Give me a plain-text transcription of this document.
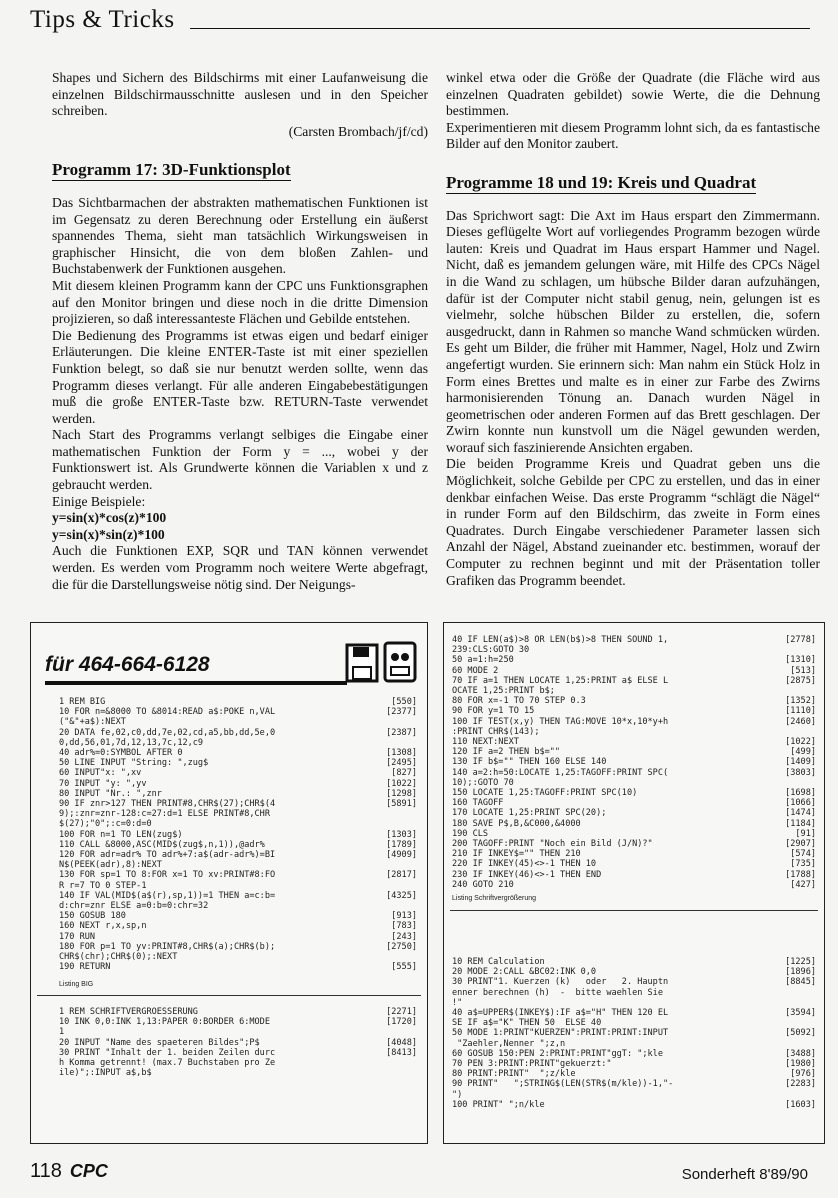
Tips & Tricks

Shapes und Sichern des Bildschirms mit einer Laufanweisung die einzelnen Bildschirmausschnitte auslesen und in den Speicher schreiben.

(Carsten Brombach/jf/cd)

Programm 17: 3D-Funktionsplot

Das Sichtbarmachen der abstrakten mathematischen Funktionen ist im Gegensatz zu deren Berechnung oder Erstellung ein äußerst spannendes Thema, sieht man tatsächlich Wirkungsweisen in graphischer Hinsicht, die von dem bloßen Zahlen- und Buchstabenwerk der Funktionen ausgehen.

Mit diesem kleinen Programm kann der CPC uns Funktionsgraphen auf den Monitor bringen und diese noch in die dritte Dimension projizieren, so daß interessanteste Flächen und Gebilde entstehen.

Die Bedienung des Programms ist etwas eigen und bedarf einiger Erläuterungen. Die kleine ENTER-Taste ist mit einer speziellen Funktion belegt, so daß sie nur benutzt werden sollte, wenn das Programm dieses verlangt. Für alle anderen Eingabebestätigungen muß die große ENTER-Taste bzw. RETURN-Taste verwendet werden.

Nach Start des Programms verlangt selbiges die Eingabe einer mathematischen Funktion der Form y = ..., wobei y der Funktionswert ist. Als Grundwerte können die Variablen x und z gebraucht werden.

Einige Beispiele:

y=sin(x)*cos(z)*100

y=sin(x)*sin(z)*100

Auch die Funktionen EXP, SQR und TAN können verwendet werden. Es werden vom Programm noch weitere Werte abgefragt, die für die Darstellungsweise nötig sind. Der Neigungs-

winkel etwa oder die Größe der Quadrate (die Fläche wird aus einzelnen Quadraten gebildet) sowie Werte, die die Dehnung bestimmen.

Experimentieren mit diesem Programm lohnt sich, da es fantastische Bilder auf den Monitor zaubert.

Programme 18 und 19: Kreis und Quadrat

Das Sprichwort sagt: Die Axt im Haus erspart den Zimmermann. Dieses geflügelte Wort auf vorliegendes Programm bezogen würde lauten: Kreis und Quadrat im Haus erspart Hammer und Nagel. Nicht, daß es jemandem gelungen wäre, mit Hilfe des CPCs Nägel in die Wand zu schlagen, um hübsche Bilder daran aufzuhängen, dafür ist der Computer nicht stabil genug, nein, gelungen ist es vielmehr, solche hübschen Bilder zu erstellen, die, sofern ausgedruckt, dann in Rahmen so manche Wand schmücken würden. Es geht um Bilder, die früher mit Hammer, Nagel, Holz und Zwirn angefertigt wurden. Sie erinnern sich: Man nahm ein Stück Holz in Form eines Brettes und malte es in einer zur Farbe des Zwirns harmonisierenden Tönung an. Danach wurden Nägel in geometrischen oder anderen Formen auf das Brett geschlagen. Der Zwirn konnte nun kunstvoll um die Nägel gewunden werden, worauf sich faszinierende Ansichten ergaben.

Die beiden Programme Kreis und Quadrat geben uns die Möglichkeit, solche Gebilde per CPC zu erstellen, und das in einer denkbar einfachen Weise. Das erste Programm “schlägt die Nägel“ in runder Form auf den Bildschirm, das zweite in Form eines Quadrates. Durch Eingabe verschiedener Parameter lassen sich Anzahl der Nägel, Abstand zueinander etc. bestimmen, worauf der Computer zu rechnen beginnt und mit der Präsentation toller Grafiken das Programm beendet.

für 464-664-6128
1 REM BIG	[550]
10 FOR n=&8000 TO &8014:READ a$:POKE n,VAL	[2377]
("&"+a$):NEXT
20 DATA fe,02,c0,dd,7e,02,cd,a5,bb,dd,5e,0	[2387]
0,dd,56,01,7d,12,13,7c,12,c9
40 adr%=0:SYMBOL AFTER 0	[1308]
50 LINE INPUT "String: ",zug$	[2495]
60 INPUT"x: ",xv	[827]
70 INPUT "y: ",yv	[1022]
80 INPUT "Nr.: ",znr	[1298]
90 IF znr>127 THEN PRINT#8,CHR$(27);CHR$(4	[5891]
9);:znr=znr-128:c=27:d=1 ELSE PRINT#8,CHR
$(27);"0";:c=0:d=0
100 FOR n=1 TO LEN(zug$)	[1303]
110 CALL &8000,ASC(MID$(zug$,n,1)),@adr%	[1789]
120 FOR adr=adr% TO adr%+7:a$(adr-adr%)=BI	[4909]
N$(PEEK(adr),8):NEXT
130 FOR sp=1 TO 8:FOR x=1 TO xv:PRINT#8:FO	[2817]
R r=7 TO 0 STEP-1
140 IF VAL(MID$(a$(r),sp,1))=1 THEN a=c:b=	[4325]
d:chr=znr ELSE a=0:b=0:chr=32
150 GOSUB 180	[913]
160 NEXT r,x,sp,n	[783]
170 RUN	[243]
180 FOR p=1 TO yv:PRINT#8,CHR$(a);CHR$(b);	[2750]
CHR$(chr);CHR$(0);:NEXT
190 RETURN	[555]
Listing BIG
1 REM SCHRIFTVERGROESSERUNG	[2271]
10 INK 0,0:INK 1,13:PAPER 0:BORDER 6:MODE	[1720]
1
20 INPUT "Name des spaeteren Bildes";P$	[4048]
30 PRINT "Inhalt der 1. beiden Zeilen durc	[8413]
h Komma getrennt! (max.7 Buchstaben pro Ze
ile)";:INPUT a$,b$
40 IF LEN(a$)>8 OR LEN(b$)>8 THEN SOUND 1,	[2778]
239:CLS:GOTO 30
50 a=1:h=250	[1310]
60 MODE 2	[513]
70 IF a=1 THEN LOCATE 1,25:PRINT a$ ELSE L	[2875]
OCATE 1,25:PRINT b$;
80 FOR x=-1 TO 70 STEP 0.3	[1352]
90 FOR y=1 TO 15	[1110]
100 IF TEST(x,y) THEN TAG:MOVE 10*x,10*y+h	[2460]
:PRINT CHR$(143);
110 NEXT:NEXT	[1022]
120 IF a=2 THEN b$=""	[499]
130 IF b$="" THEN 160 ELSE 140	[1409]
140 a=2:h=50:LOCATE 1,25:TAGOFF:PRINT SPC(	[3803]
10);:GOTO 70
150 LOCATE 1,25:TAGOFF:PRINT SPC(10)	[1698]
160 TAGOFF	[1066]
170 LOCATE 1,25:PRINT SPC(20);	[1474]
180 SAVE P$,B,&C000,&4000	[1184]
190 CLS	[91]
200 TAGOFF:PRINT "Noch ein Bild (J/N)?"	[2907]
210 IF INKEY$="" THEN 210	[574]
220 IF INKEY(45)<>-1 THEN 10	[735]
230 IF INKEY(46)<>-1 THEN END	[1788]
240 GOTO 210	[427]
Listing Schriftvergrößerung
10 REM Calculation	[1225]
20 MODE 2:CALL &BC02:INK 0,0	[1896]
30 PRINT"1. Kuerzen (k)   oder   2. Hauptn	[8845]
enner berechnen (h)  -  bitte waehlen Sie
!"
40 a$=UPPER$(INKEY$):IF a$="H" THEN 120 EL	[3594]
SE IF a$="K" THEN 50  ELSE 40
50 MODE 1:PRINT"KUERZEN":PRINT:PRINT:INPUT	[5092]
"Zaehler,Nenner ";z,n
60 GOSUB 150:PEN 2:PRINT:PRINT"ggT: ";kle	[3488]
70 PEN 3:PRINT:PRINT"gekuerzt:"	[1980]
80 PRINT:PRINT"  ";z/kle	[976]
90 PRINT"   ";STRING$(LEN(STR$(m/kle))-1,"-	[2283]
")
100 PRINT" ";n/kle	[1603]
118 CPC	Sonderheft 8'89/90
